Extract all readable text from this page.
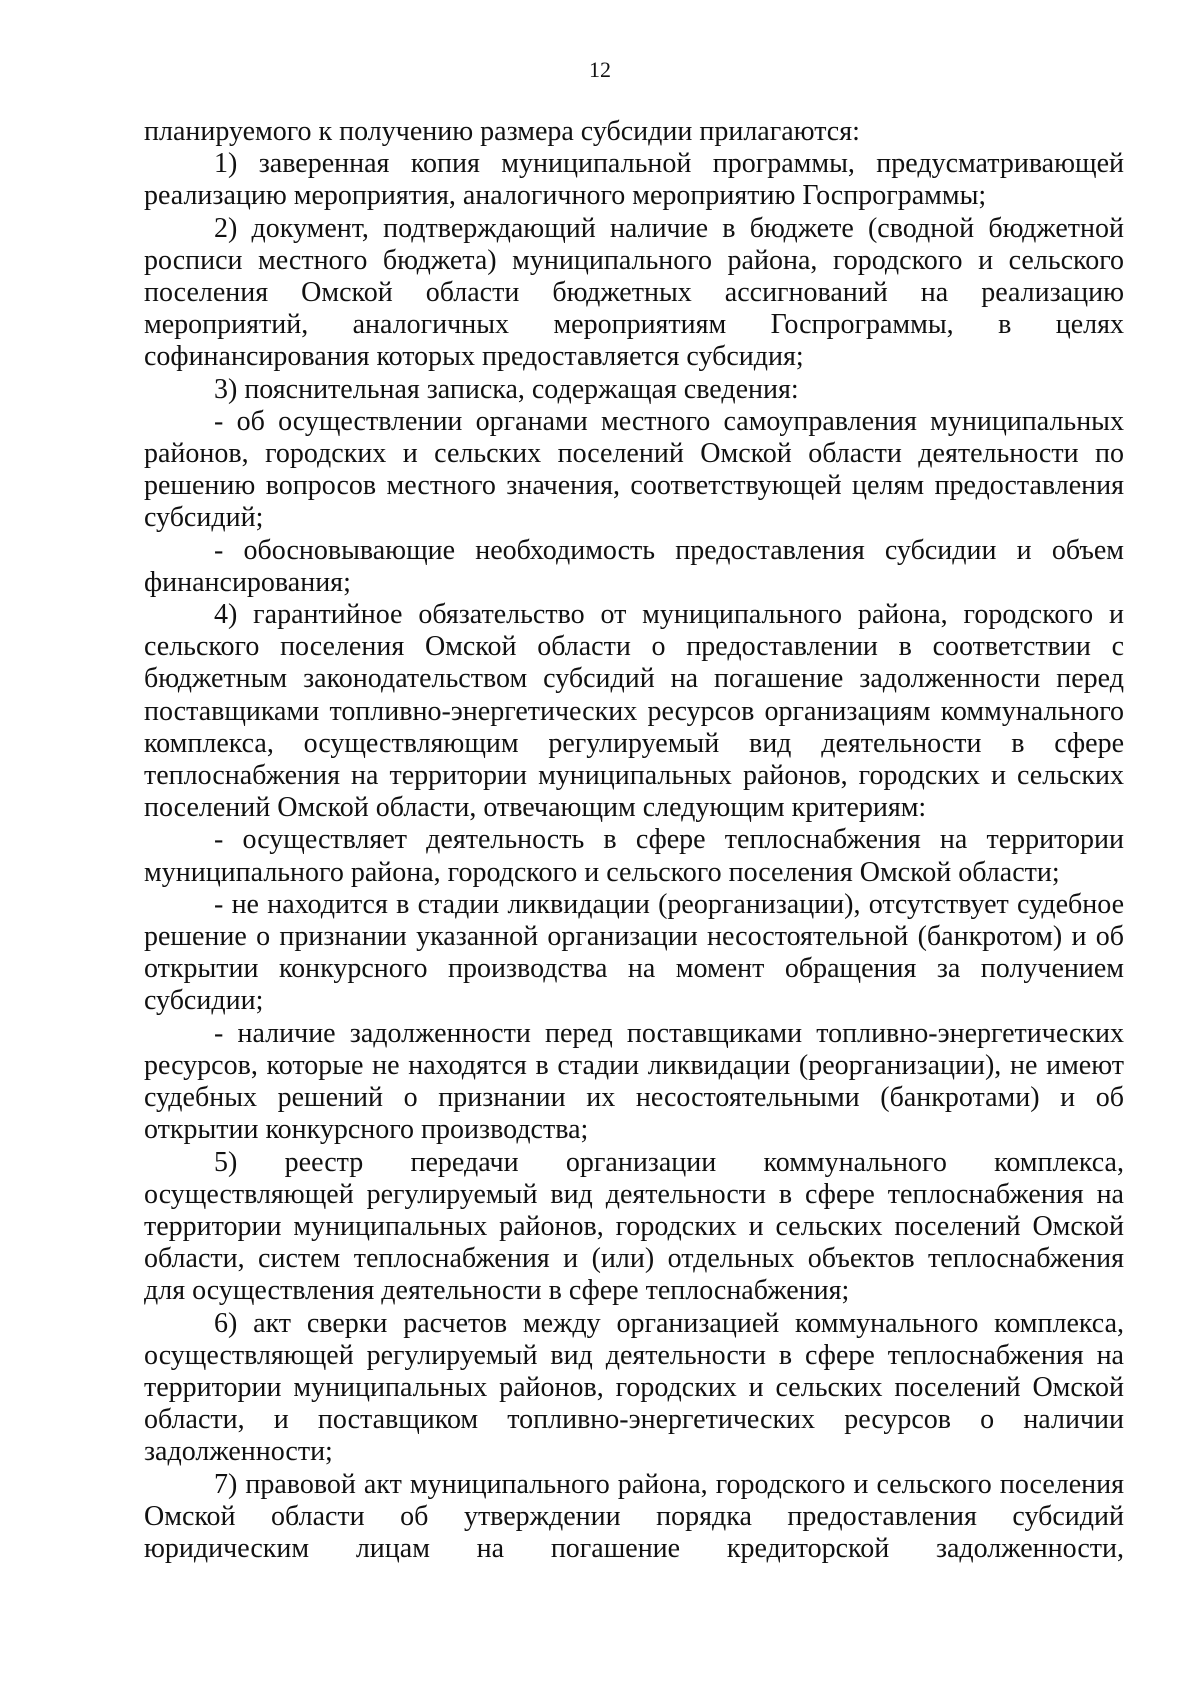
12

планируемого к получению размера субсидии прилагаются:

1) заверенная копия муниципальной программы, предусматривающей реализацию мероприятия, аналогичного мероприятию Госпрограммы;

2) документ, подтверждающий наличие в бюджете (сводной бюджетной росписи местного бюджета) муниципального района, городского и сельского поселения Омской области бюджетных ассигнований на реализацию мероприятий, аналогичных мероприятиям Госпрограммы, в целях софинансирования которых предоставляется субсидия;

3) пояснительная записка, содержащая сведения:

- об осуществлении органами местного самоуправления муниципальных районов, городских и сельских поселений Омской области деятельности по решению вопросов местного значения, соответствующей целям предоставления субсидий;

- обосновывающие необходимость предоставления субсидии и объем финансирования;

4) гарантийное обязательство от муниципального района, городского и сельского поселения Омской области о предоставлении в соответствии с бюджетным законодательством субсидий на погашение задолженности перед поставщиками топливно-энергетических ресурсов организациям коммунального комплекса, осуществляющим регулируемый вид деятельности в сфере теплоснабжения на территории муниципальных районов, городских и сельских поселений Омской области, отвечающим следующим критериям:

- осуществляет деятельность в сфере теплоснабжения на территории муниципального района, городского и сельского поселения Омской области;

- не находится в стадии ликвидации (реорганизации), отсутствует судебное решение о признании указанной организации несостоятельной (банкротом) и об открытии конкурсного производства на момент обращения за получением субсидии;

- наличие задолженности перед поставщиками топливно-энергетических ресурсов, которые не находятся в стадии ликвидации (реорганизации), не имеют судебных решений о признании их несостоятельными (банкротами) и об открытии конкурсного производства;

5) реестр передачи организации коммунального комплекса, осуществляющей регулируемый вид деятельности в сфере теплоснабжения на территории муниципальных районов, городских и сельских поселений Омской области, систем теплоснабжения и (или) отдельных объектов теплоснабжения для осуществления деятельности в сфере теплоснабжения;

6) акт сверки расчетов между организацией коммунального комплекса, осуществляющей регулируемый вид деятельности в сфере теплоснабжения на территории муниципальных районов, городских и сельских поселений Омской области, и поставщиком топливно-энергетических ресурсов о наличии задолженности;

7) правовой акт муниципального района, городского и сельского поселения Омской области об утверждении порядка предоставления субсидий юридическим лицам на погашение кредиторской задолженности,
